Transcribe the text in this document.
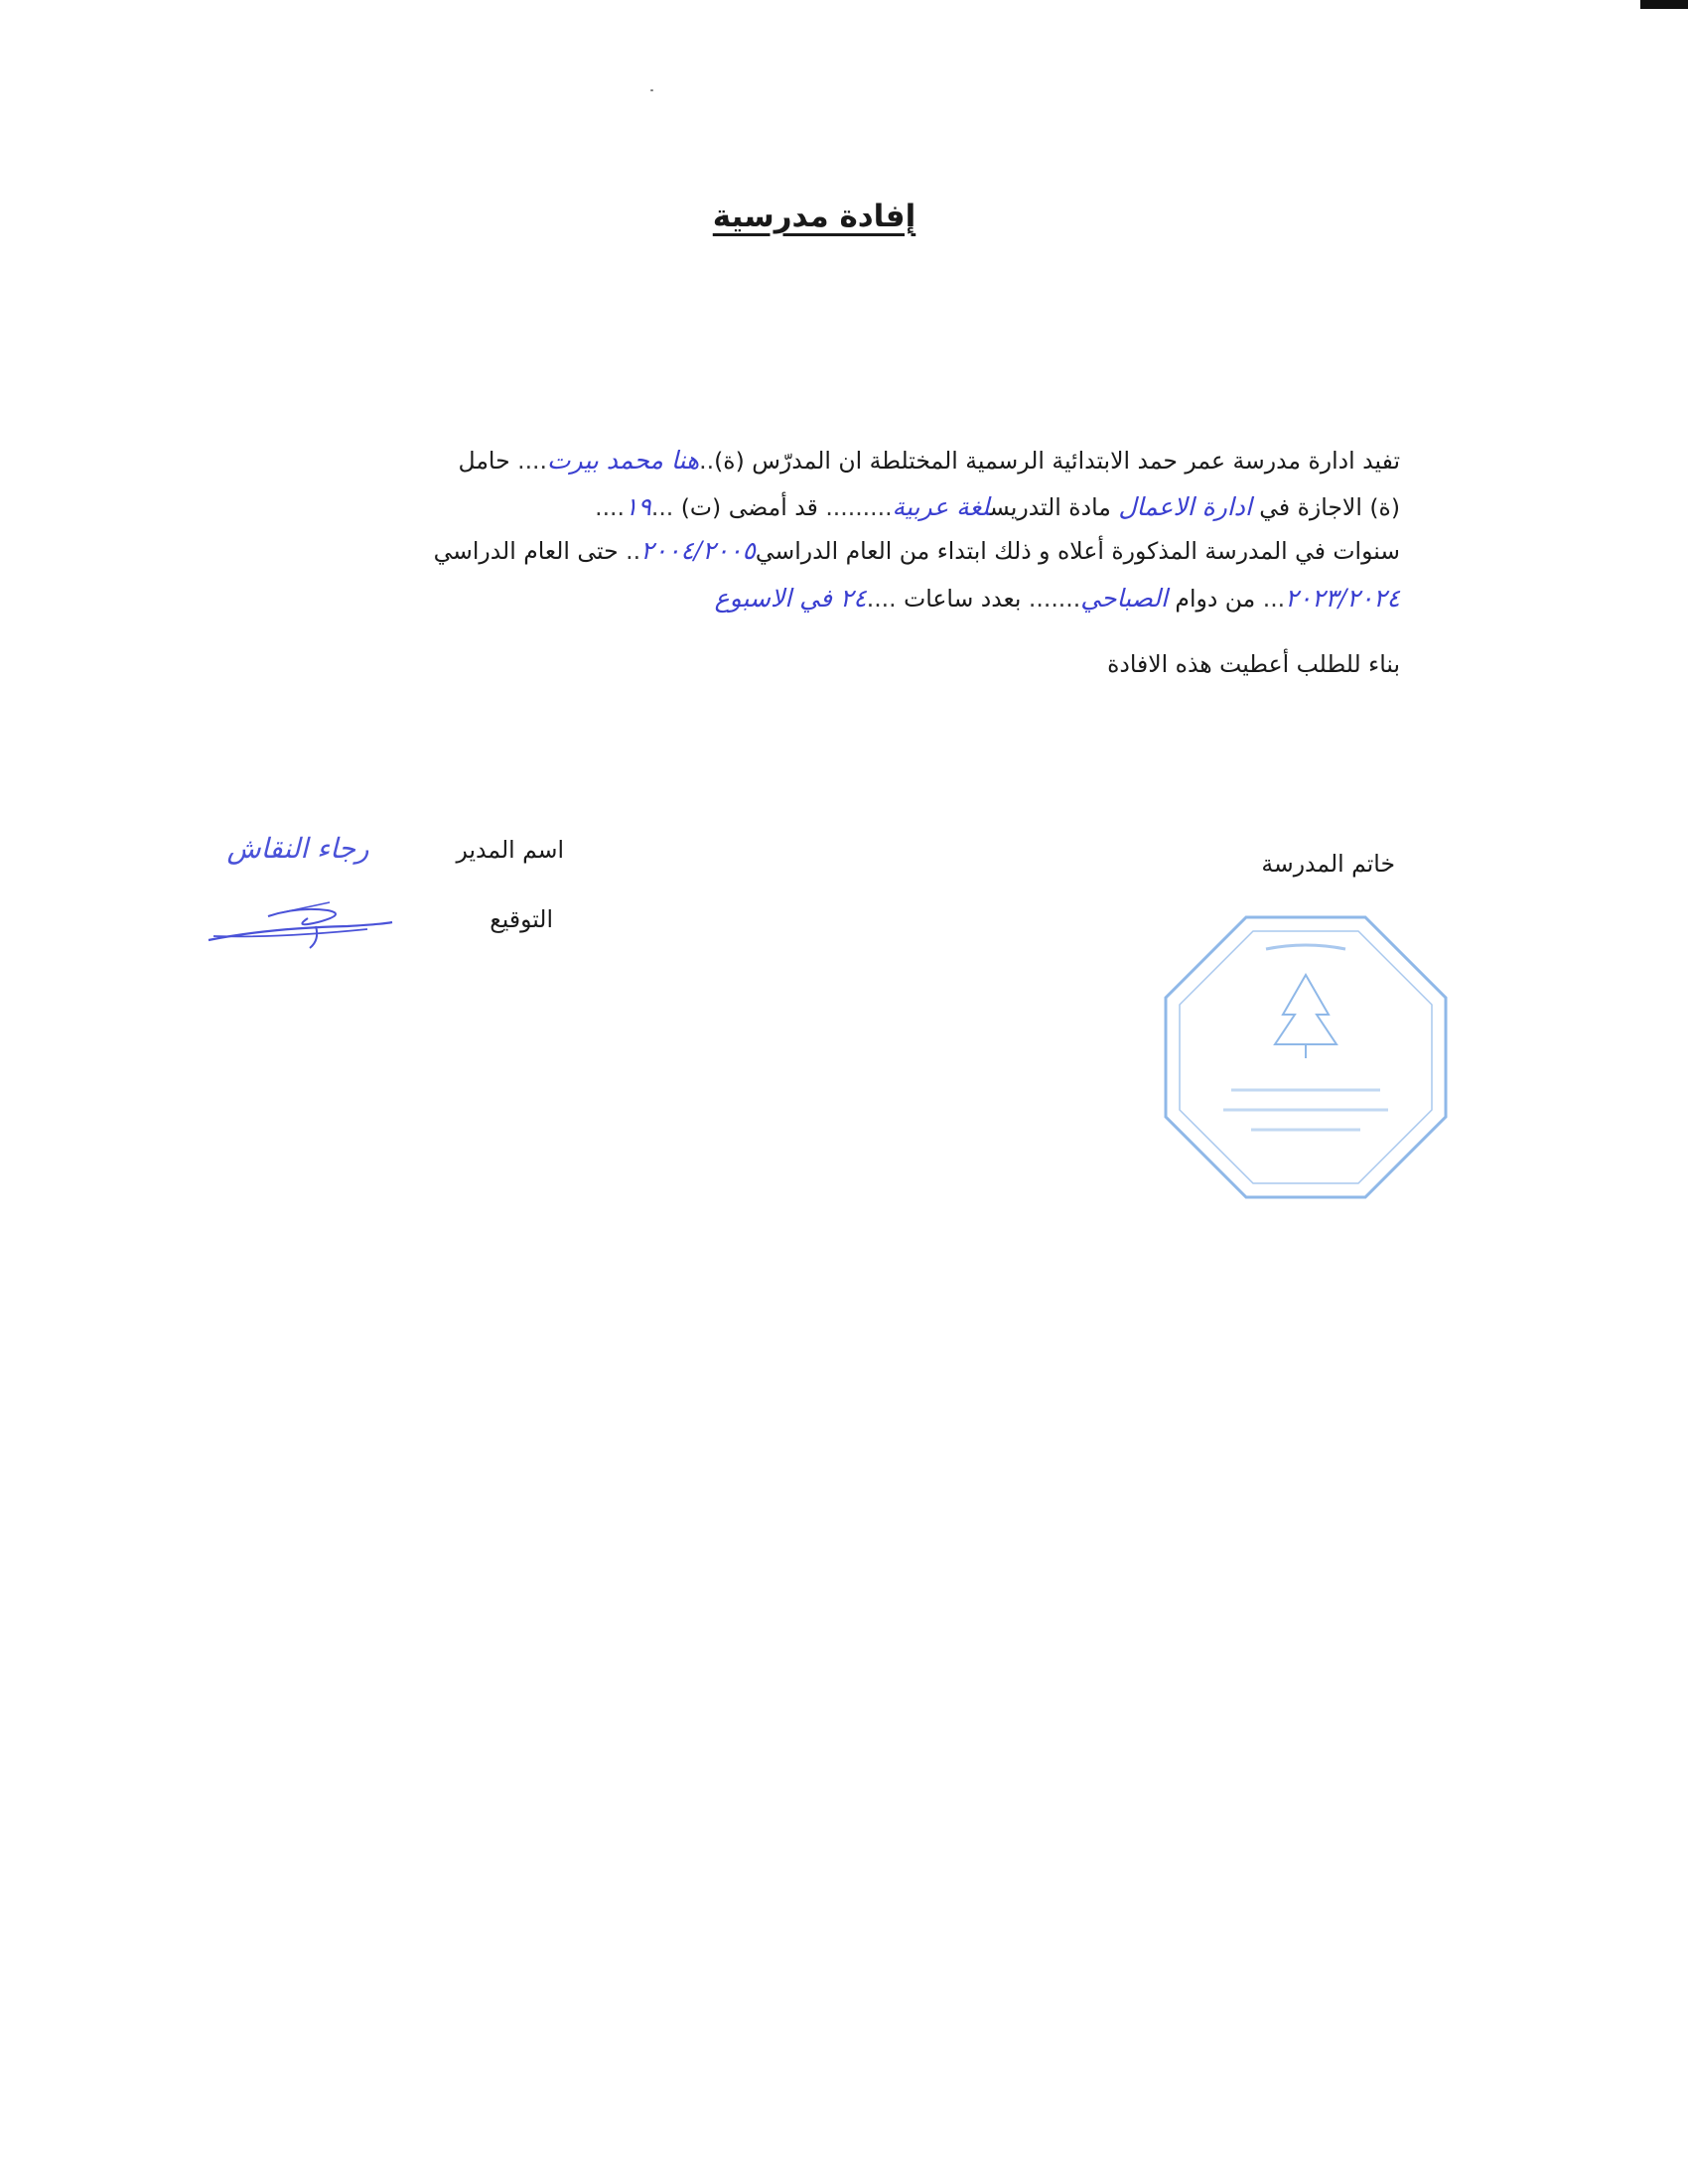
إفادة مدرسية
تفيد ادارة مدرسة عمر حمد الابتدائية الرسمية المختلطة ان المدرّس (ة)..هنا محمد بيرت.... حامل
(ة) الاجازة في ادارة الاعمال مادة التدريسلغة عربية......... قد أمضى (ت) ...١٩....
سنوات في المدرسة المذكورة أعلاه و ذلك ابتداء من العام الدراسي٢٠٠٤/٢٠٠٥.. حتى العام الدراسي
٢٠٢٣/٢٠٢٤... من دوام الصباحي....... بعدد ساعات ....٢٤ في الاسبوع
بناء للطلب أعطيت هذه الافادة
اسم المدير
رجاء النقاش
التوقيع
خاتم المدرسة
